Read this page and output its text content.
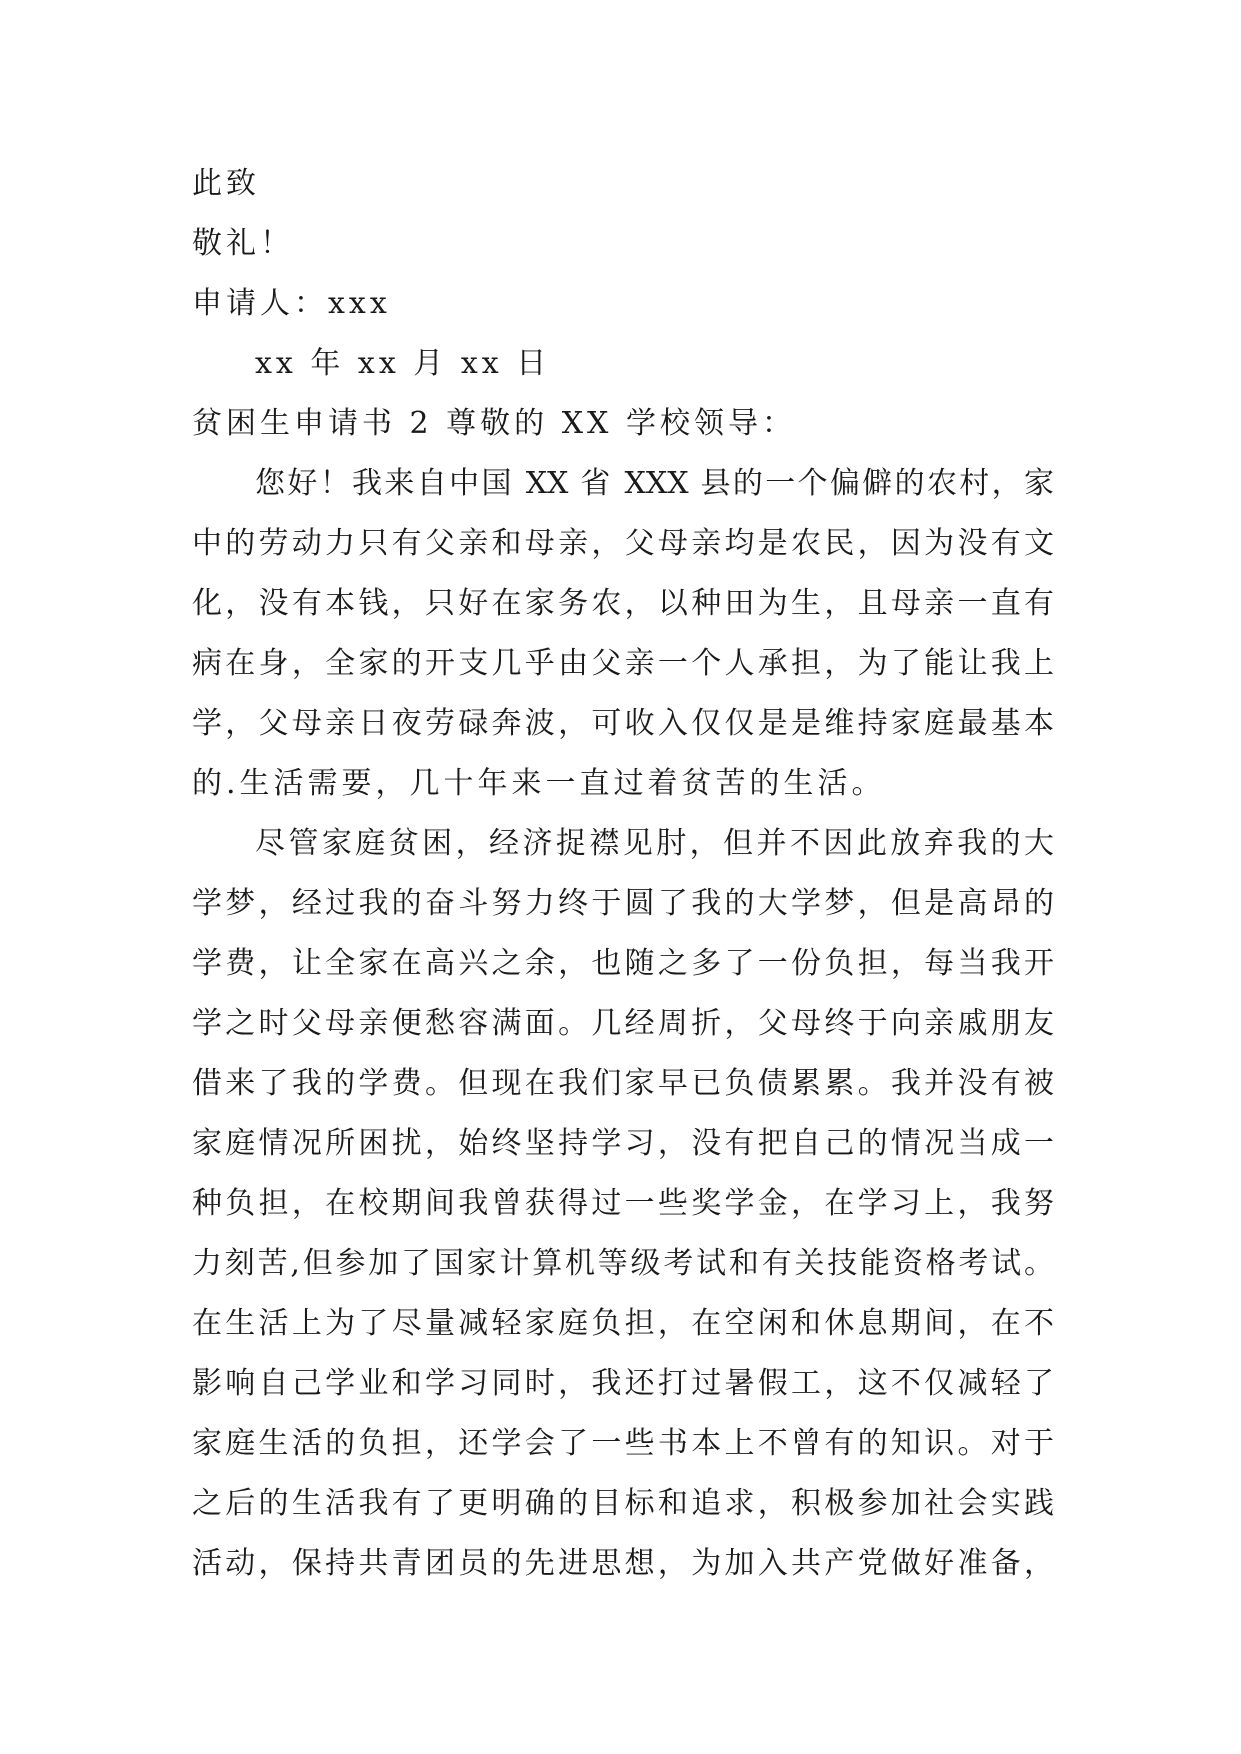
此致
敬礼！
申请人：xxx
xx 年 xx 月 xx 日
贫困生申请书 2 尊敬的 XX 学校领导：
您好！我来自中国 XX 省 XXX 县的一个偏僻的农村，家
中的劳动力只有父亲和母亲，父母亲均是农民，因为没有文
化，没有本钱，只好在家务农，以种田为生，且母亲一直有
病在身，全家的开支几乎由父亲一个人承担，为了能让我上
学，父母亲日夜劳碌奔波，可收入仅仅是是维持家庭最基本
的.生活需要，几十年来一直过着贫苦的生活。
尽管家庭贫困，经济捉襟见肘，但并不因此放弃我的大
学梦，经过我的奋斗努力终于圆了我的大学梦，但是高昂的
学费，让全家在高兴之余，也随之多了一份负担，每当我开
学之时父母亲便愁容满面。几经周折，父母终于向亲戚朋友
借来了我的学费。但现在我们家早已负债累累。我并没有被
家庭情况所困扰，始终坚持学习，没有把自己的情况当成一
种负担，在校期间我曾获得过一些奖学金，在学习上，我努
力刻苦,但参加了国家计算机等级考试和有关技能资格考试。
在生活上为了尽量减轻家庭负担，在空闲和休息期间，在不
影响自己学业和学习同时，我还打过暑假工，这不仅减轻了
家庭生活的负担，还学会了一些书本上不曾有的知识。对于
之后的生活我有了更明确的目标和追求，积极参加社会实践
活动，保持共青团员的先进思想，为加入共产党做好准备，
